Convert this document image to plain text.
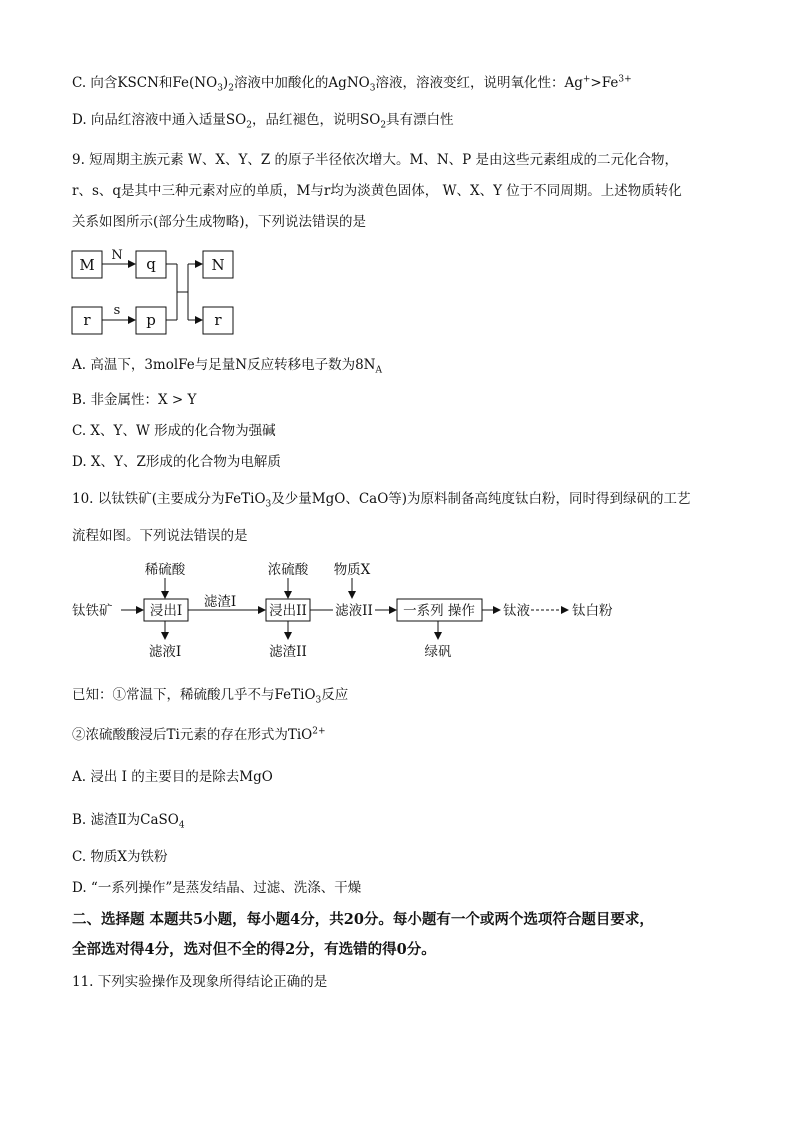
C. 向含KSCN和$Fe(NO_3)_2$溶液中加酸化的AgNO$_3$溶液，溶液变红，说明氧化性：$Ag^+>Fe^{3+}$
D. 向品红溶液中通入适量$SO_2$，品红褪色，说明$SO_2$具有漂白性
9. 短周期主族元素 W、X、Y、Z 的原子半径依次增大。M、N、P 是由这些元素组成的二元化合物，
r、s、q是其中三种元素对应的单质，M与r均为淡黄色固体， W、X、Y 位于不同周期。上述物质转化
关系如图所示(部分生成物略)，下列说法错误的是
M	q	N
r	p	r
N
s
A. 高温下，3molFe与足量N反应转移电子数为$8N_A$
B. 非金属性：X > Y
C. X、Y、W 形成的化合物为强碱
D. X、Y、Z形成的化合物为电解质
10. 以钛铁矿(主要成分为FeTiO$_3$及少量MgO、CaO等)为原料制备高纯度钛白粉，同时得到绿矾的工艺
流程如图。下列说法错误的是
钛铁矿
稀硫酸
浸出I
滤液I
滤渣I
浓硫酸
浸出II
滤渣II
物质X
滤液II 一系列 操作
绿矾
钛液	钛白粉
已知：①常温下，稀硫酸几乎不与FeTiO$_3$反应
②浓硫酸酸浸后Ti元素的存在形式为TiO$^{2+}$
A. 浸出 I 的主要目的是除去MgO
B. 滤渣Ⅱ为CaSO$_4$
C. 物质X为铁粉
D. “一系列操作”是蒸发结晶、过滤、洗涤、干燥
二、选择题 本题共5小题，每小题4分，共20分。每小题有一个或两个选项符合题目要求，
全部选对得4分，选对但不全的得2分，有选错的得0分。
11. 下列实验操作及现象所得结论正确的是
